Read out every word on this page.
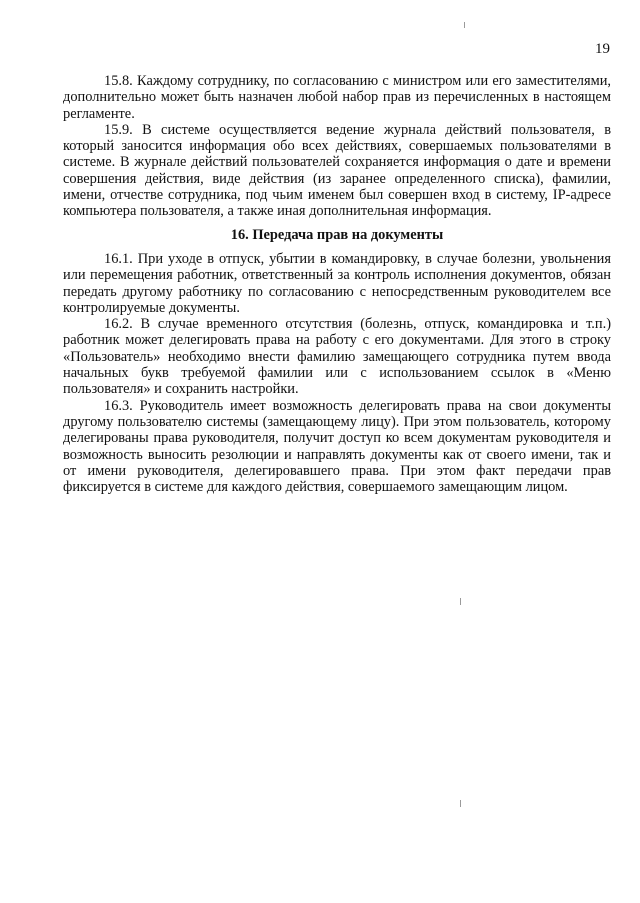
19

15.8. Каждому сотруднику, по согласованию с министром или его заместителями, дополнительно может быть назначен любой набор прав из перечисленных в настоящем регламенте.

15.9. В системе осуществляется ведение журнала действий пользователя, в который заносится информация обо всех действиях, совершаемых пользователями в системе. В журнале действий пользователей сохраняется информация о дате и времени совершения действия, виде действия (из заранее определенного списка), фамилии, имени, отчестве сотрудника, под чьим именем был совершен вход в систему, IP-адресе компьютера пользователя, а также иная дополнительная информация.

16. Передача прав на документы

16.1. При уходе в отпуск, убытии в командировку, в случае болезни, увольнения или перемещения работник, ответственный за контроль исполнения документов, обязан передать другому работнику по согласованию с непосредственным руководителем все контролируемые документы.

16.2. В случае временного отсутствия (болезнь, отпуск, командировка и т.п.) работник может делегировать права на работу с его документами. Для этого в строку «Пользователь» необходимо внести фамилию замещающего сотрудника путем ввода начальных букв требуемой фамилии или с использованием ссылок в «Меню пользователя» и сохранить настройки.

16.3. Руководитель имеет возможность делегировать права на свои документы другому пользователю системы (замещающему лицу). При этом пользователь, которому делегированы права руководителя, получит доступ ко всем документам руководителя и возможность выносить резолюции и направлять документы как от своего имени, так и от имени руководителя, делегировавшего права. При этом факт передачи прав фиксируется в системе для каждого действия, совершаемого замещающим лицом.
